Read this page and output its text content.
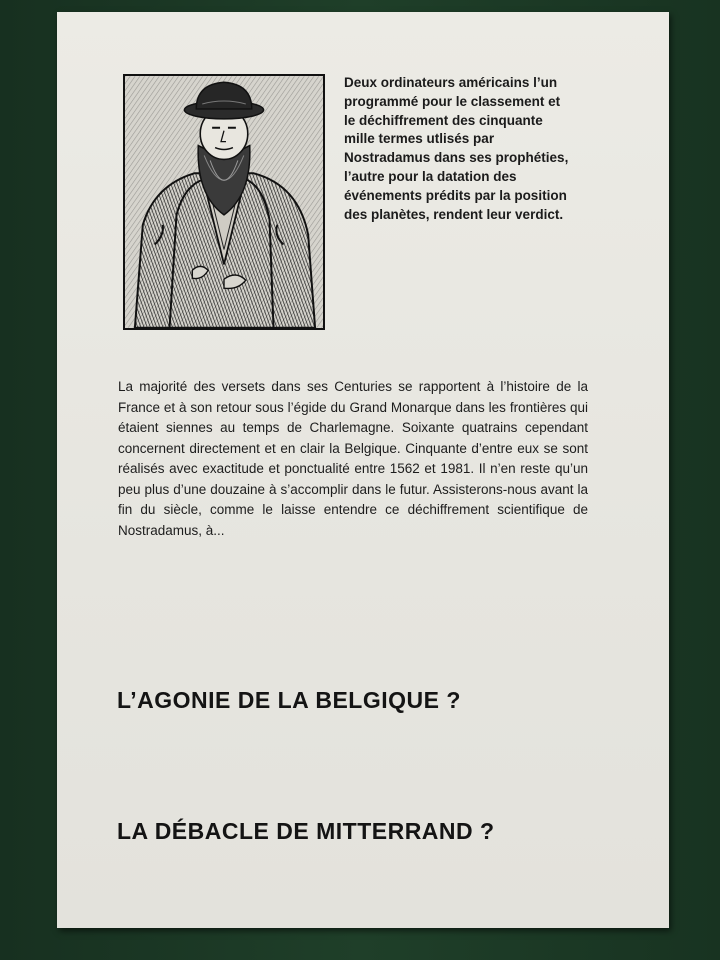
Deux ordinateurs américains l’un programmé pour le classement et le déchiffrement des cinquante mille termes utlisés par Nostradamus dans ses prophéties, l’autre pour la datation des événements prédits par la position des planètes, rendent leur verdict.

La majorité des versets dans ses Centuries se rapportent à l’histoire de la France et à son retour sous l’égide du Grand Monarque dans les frontières qui étaient siennes au temps de Charlemagne. Soixante quatrains cependant concernent directement et en clair la Belgique. Cinquante d’entre eux se sont réalisés avec exactitude et ponctualité entre 1562 et 1981. Il n’en reste qu’un peu plus d’une douzaine à s’accomplir dans le futur. Assisterons-nous avant la fin du siècle, comme le laisse entendre ce déchiffrement scientifique de Nostradamus, à...

L’AGONIE DE LA BELGIQUE ?
LA DÉBACLE DE MITTERRAND ?
